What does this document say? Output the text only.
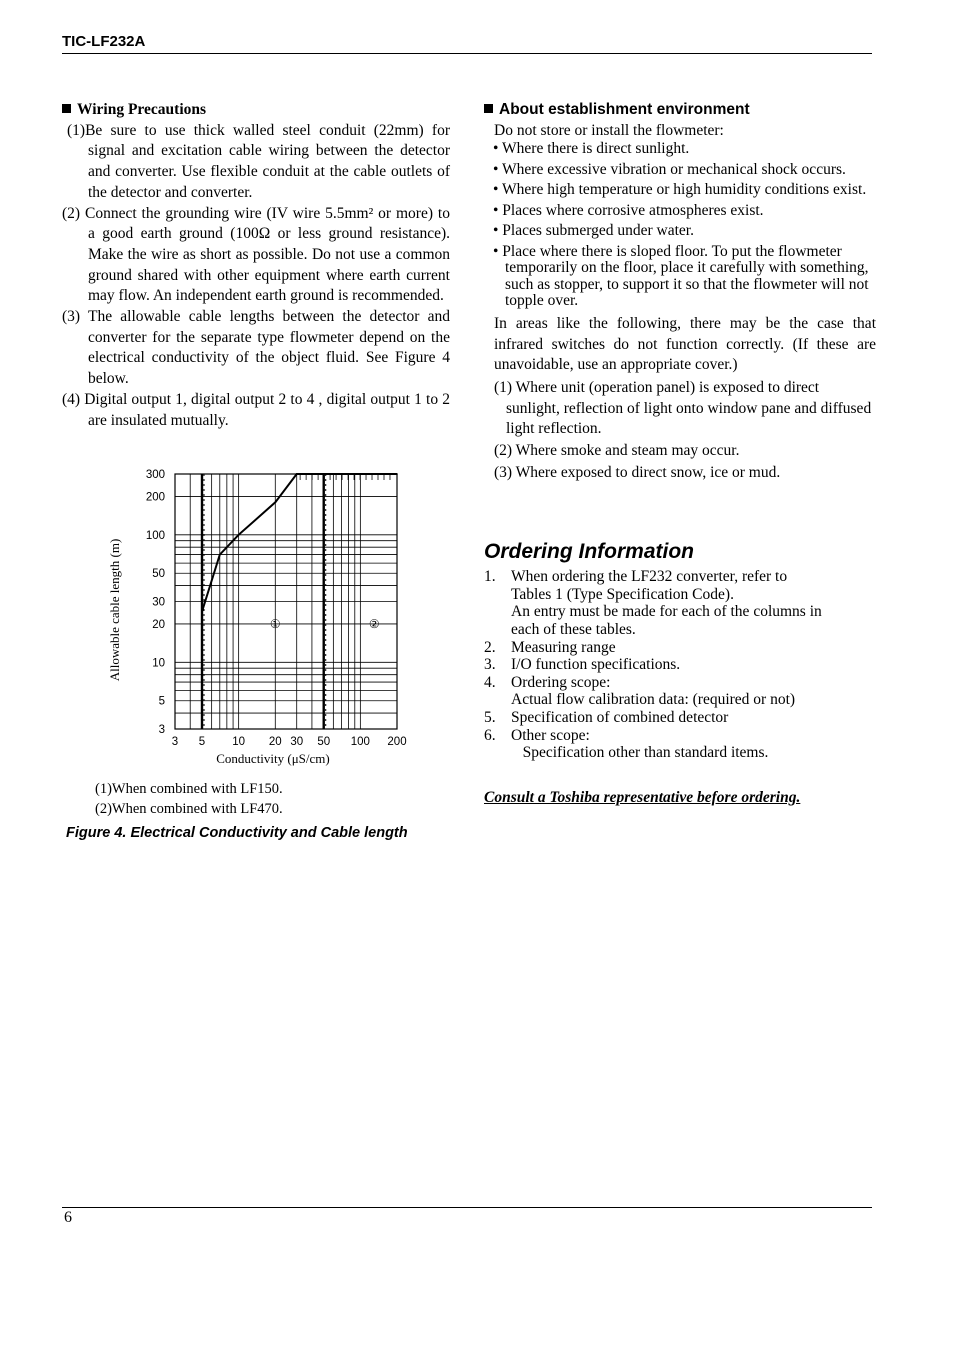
TIC-LF232A
Wiring Precautions
(1)Be sure to use thick walled steel conduit (22mm) for signal and excitation cable wiring between the detector and converter. Use flexible conduit at the cable outlets of the detector and converter.
(2) Connect the grounding wire (IV wire 5.5mm² or more) to a good earth ground (100Ω or less ground resistance). Make the wire as short as possible. Do not use a common ground shared with other equipment where earth current may flow. An independent earth ground is recommended.
(3) The allowable cable lengths between the detector and converter for the separate type flowmeter depend on the electrical conductivity of the object fluid. See Figure 4 below.
(4) Digital output 1, digital output 2 to 4 , digital output 1 to 2 are insulated mutually.
3 5 10 20 30 50 100 200
3
5
10
20
30
50
100
200
300
①	②
Conductivity (μS/cm)
Allowable cable length (m)
(1)When combined with LF150.
(2)When combined with LF470.
Figure 4. Electrical Conductivity and Cable length
About establishment environment
Do not store or install the flowmeter:
• Where there is direct sunlight.
• Where excessive vibration or mechanical shock occurs.
• Where high temperature or high humidity conditions exist.
• Places where corrosive atmospheres exist.
• Places submerged under water.
• Place where there is sloped floor. To put the flowmeter temporarily on the floor, place it carefully with something, such as stopper, to support it so that the flowmeter will not topple over.
In areas like the following, there may be the case that infrared switches do not function correctly. (If these are unavoidable, use an appropriate cover.)
(1) Where unit (operation panel) is exposed to direct sunlight, reflection of light onto window pane and diffused light reflection.
(2) Where smoke and steam may occur.
(3) Where exposed to direct snow, ice or mud.
Ordering Information
1. When ordering the LF232 converter, refer to
Tables 1 (Type Specification Code).
An entry must be made for each of the columns in
each of these tables.
2. Measuring range
3. I/O function specifications.
4. Ordering scope:
Actual flow calibration data: (required or not)
5. Specification of combined detector
6. Other scope:
Specification other than standard items.
Consult a Toshiba representative before ordering.
6
